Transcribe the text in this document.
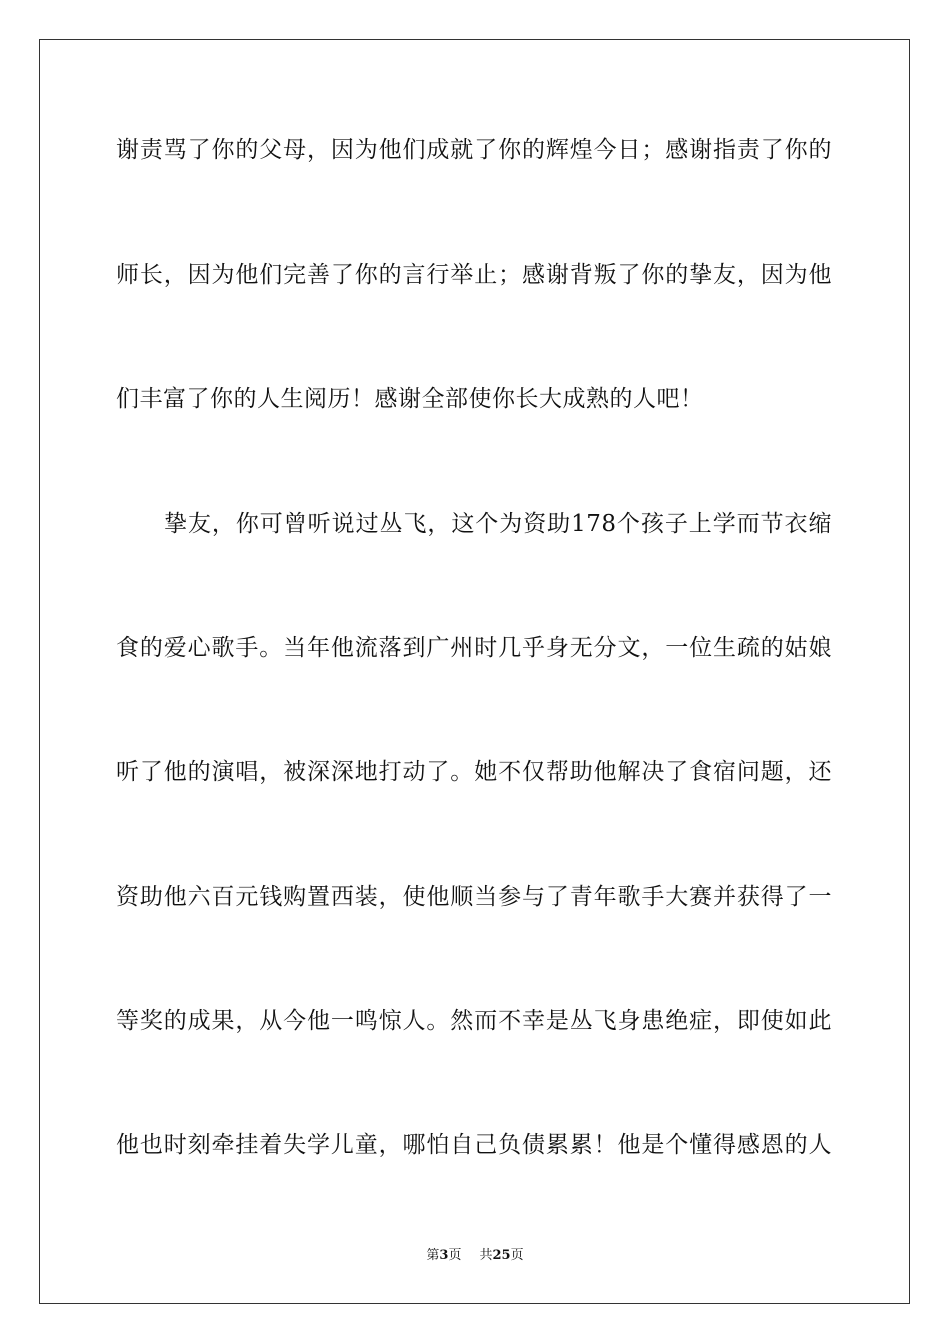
谢责骂了你的父母，因为他们成就了你的辉煌今日；感谢指责了你的
师长，因为他们完善了你的言行举止；感谢背叛了你的挚友，因为他
们丰富了你的人生阅历！感谢全部使你长大成熟的人吧！
挚友，你可曾听说过丛飞，这个为资助178个孩子上学而节衣缩
食的爱心歌手。当年他流落到广州时几乎身无分文，一位生疏的姑娘
听了他的演唱，被深深地打动了。她不仅帮助他解决了食宿问题，还
资助他六百元钱购置西装，使他顺当参与了青年歌手大赛并获得了一
等奖的成果，从今他一鸣惊人。然而不幸是丛飞身患绝症，即使如此
他也时刻牵挂着失学儿童，哪怕自己负债累累！他是个懂得感恩的人
第3页 共25页
